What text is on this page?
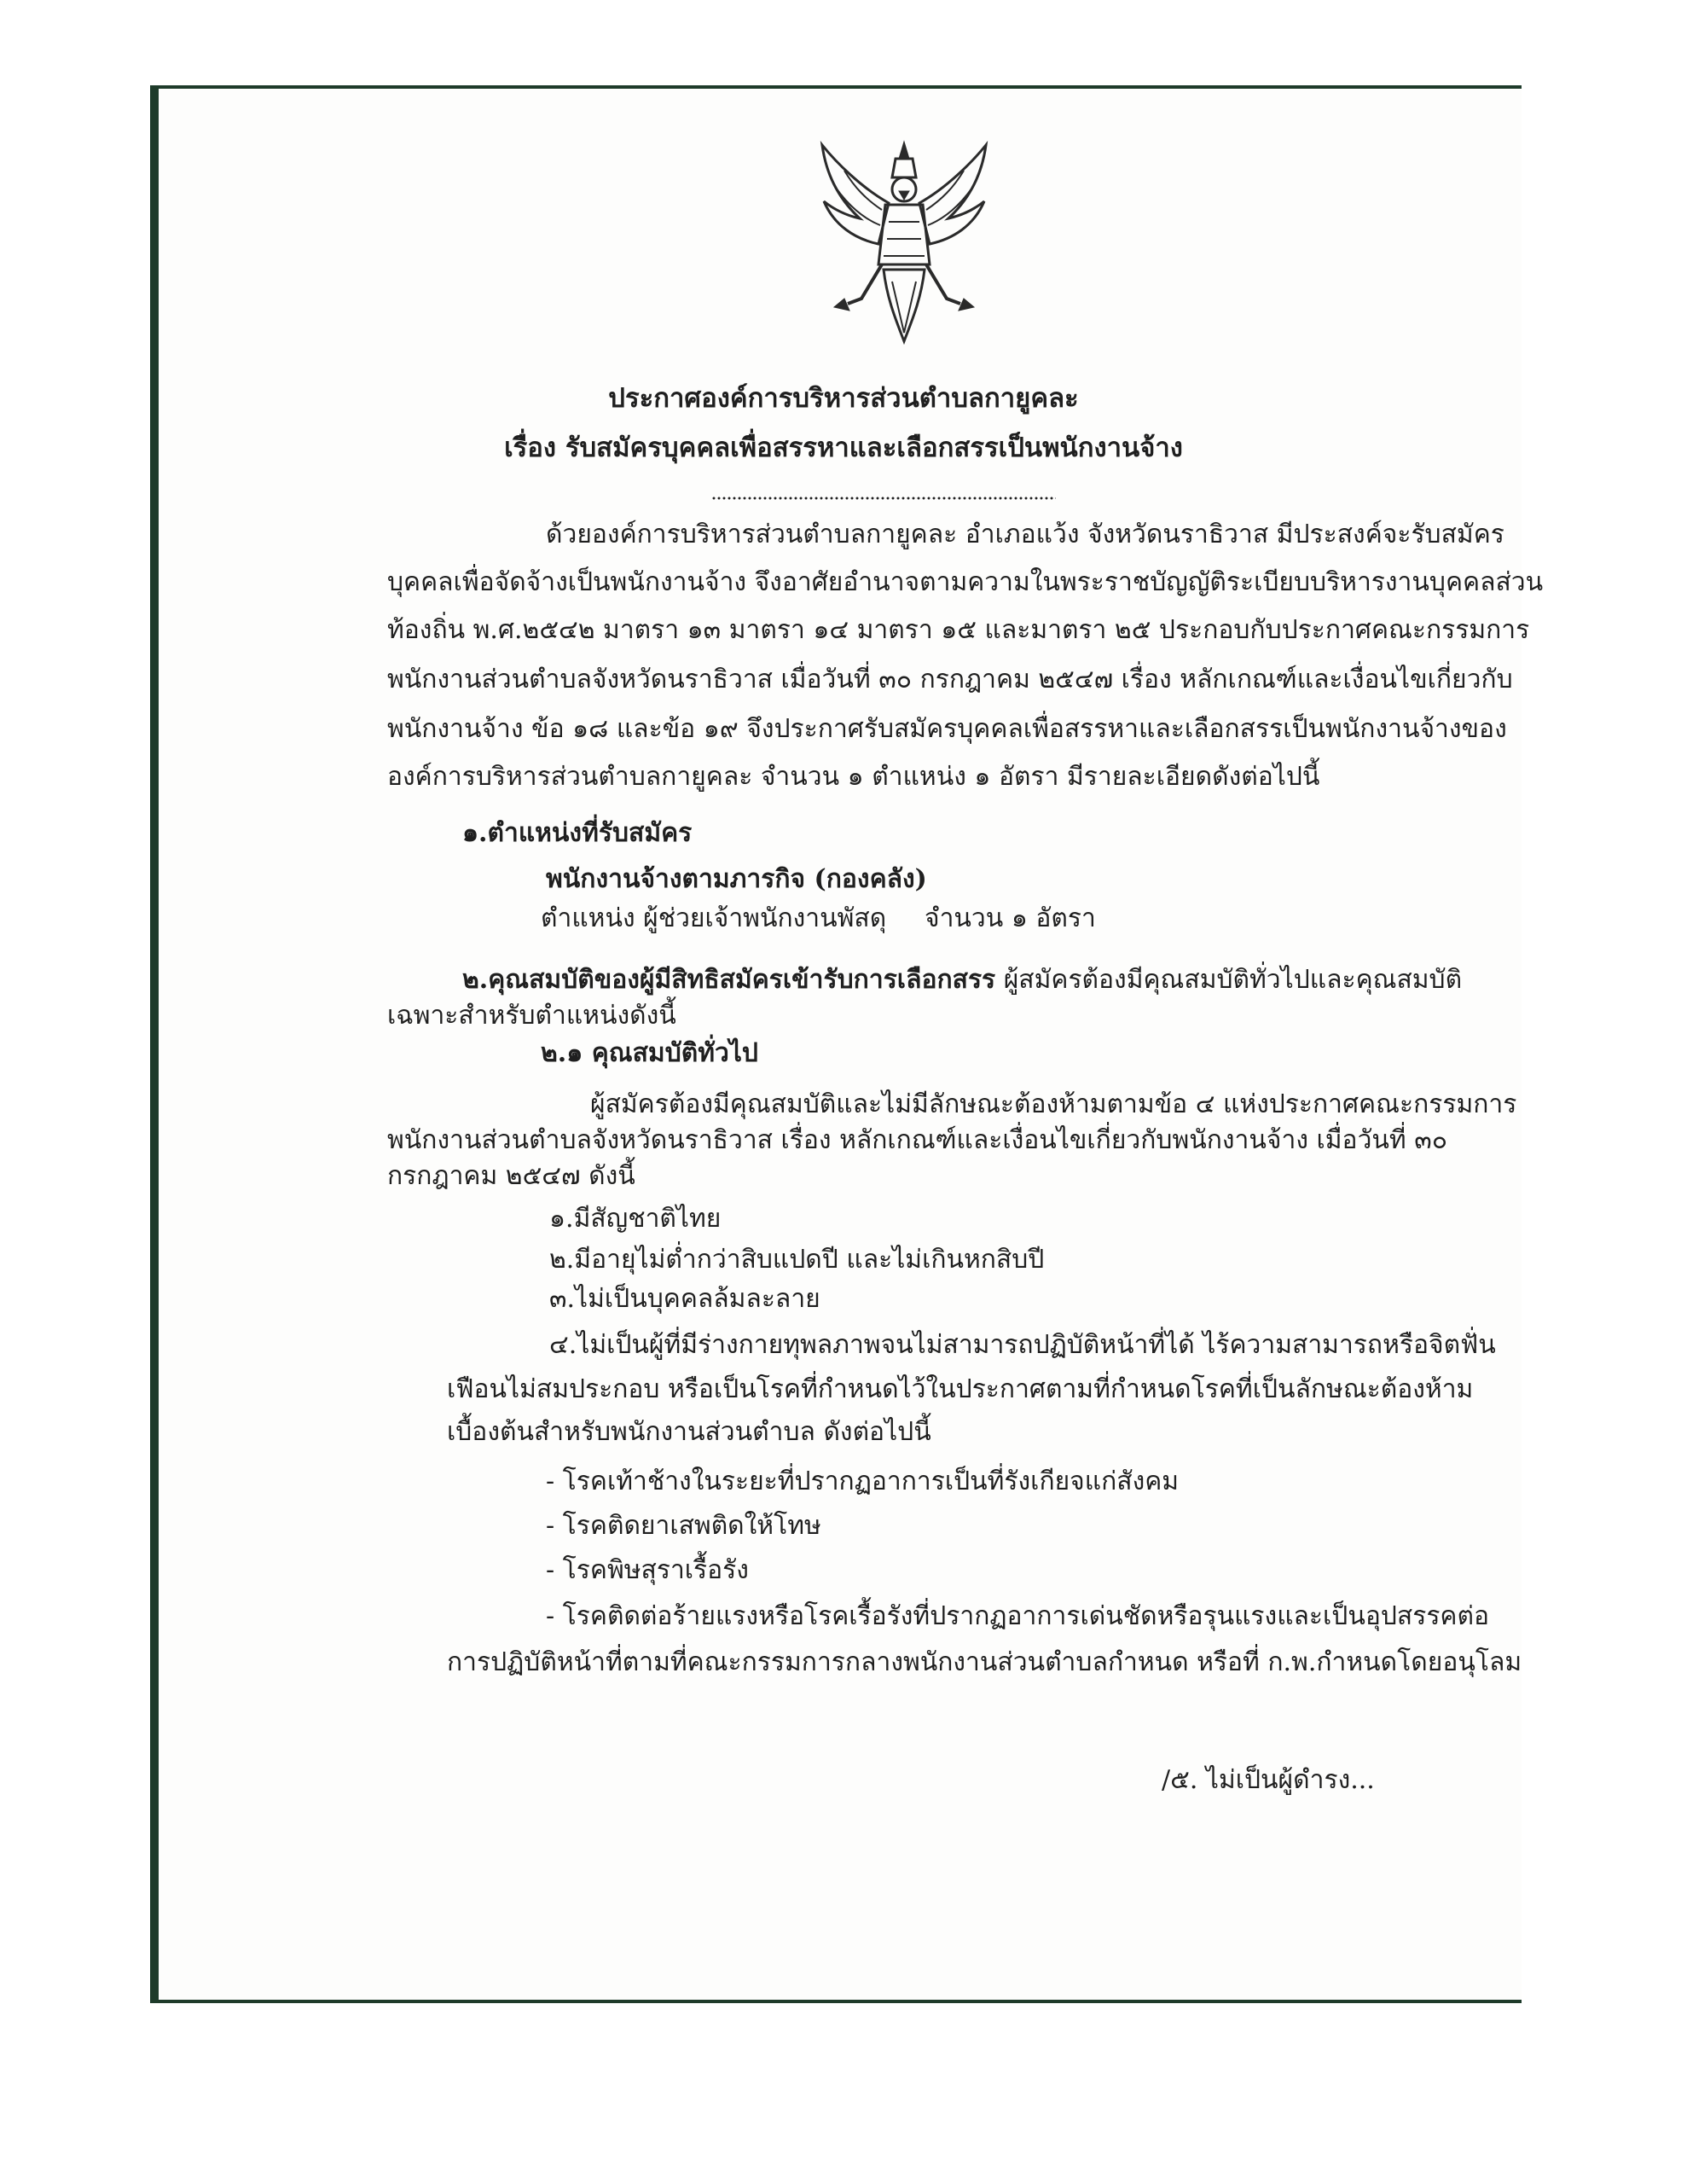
ประกาศองค์การบริหารส่วนตำบลกายูคละ
เรื่อง รับสมัครบุคคลเพื่อสรรหาและเลือกสรรเป็นพนักงานจ้าง
ด้วยองค์การบริหารส่วนตำบลกายูคละ อำเภอแว้ง จังหวัดนราธิวาส มีประสงค์จะรับสมัคร
บุคคลเพื่อจัดจ้างเป็นพนักงานจ้าง จึงอาศัยอำนาจตามความในพระราชบัญญัติระเบียบบริหารงานบุคคลส่วน
ท้องถิ่น พ.ศ.๒๕๔๒ มาตรา ๑๓ มาตรา ๑๔ มาตรา ๑๕ และมาตรา ๒๕ ประกอบกับประกาศคณะกรรมการ
พนักงานส่วนตำบลจังหวัดนราธิวาส เมื่อวันที่ ๓๐ กรกฎาคม ๒๕๔๗ เรื่อง หลักเกณฑ์และเงื่อนไขเกี่ยวกับ
พนักงานจ้าง ข้อ ๑๘ และข้อ ๑๙ จึงประกาศรับสมัครบุคคลเพื่อสรรหาและเลือกสรรเป็นพนักงานจ้างของ
องค์การบริหารส่วนตำบลกายูคละ จำนวน ๑ ตำแหน่ง ๑ อัตรา มีรายละเอียดดังต่อไปนี้
๑.ตำแหน่งที่รับสมัคร
พนักงานจ้างตามภารกิจ (กองคลัง)
ตำแหน่ง ผู้ช่วยเจ้าพนักงานพัสดุ จำนวน ๑ อัตรา
๒.คุณสมบัติของผู้มีสิทธิสมัครเข้ารับการเลือกสรร ผู้สมัครต้องมีคุณสมบัติทั่วไปและคุณสมบัติ
เฉพาะสำหรับตำแหน่งดังนี้
๒.๑ คุณสมบัติทั่วไป
ผู้สมัครต้องมีคุณสมบัติและไม่มีลักษณะต้องห้ามตามข้อ ๔ แห่งประกาศคณะกรรมการ
พนักงานส่วนตำบลจังหวัดนราธิวาส เรื่อง หลักเกณฑ์และเงื่อนไขเกี่ยวกับพนักงานจ้าง เมื่อวันที่ ๓๐
กรกฎาคม ๒๕๔๗ ดังนี้
๑.มีสัญชาติไทย
๒.มีอายุไม่ต่ำกว่าสิบแปดปี และไม่เกินหกสิบปี
๓.ไม่เป็นบุคคลล้มละลาย
๔.ไม่เป็นผู้ที่มีร่างกายทุพลภาพจนไม่สามารถปฏิบัติหน้าที่ได้ ไร้ความสามารถหรือจิตฟั่น
เฟือนไม่สมประกอบ หรือเป็นโรคที่กำหนดไว้ในประกาศตามที่กำหนดโรคที่เป็นลักษณะต้องห้าม
เบื้องต้นสำหรับพนักงานส่วนตำบล ดังต่อไปนี้
- โรคเท้าช้างในระยะที่ปรากฏอาการเป็นที่รังเกียจแก่สังคม
- โรคติดยาเสพติดให้โทษ
- โรคพิษสุราเรื้อรัง
- โรคติดต่อร้ายแรงหรือโรคเรื้อรังที่ปรากฏอาการเด่นชัดหรือรุนแรงและเป็นอุปสรรคต่อ
การปฏิบัติหน้าที่ตามที่คณะกรรมการกลางพนักงานส่วนตำบลกำหนด หรือที่ ก.พ.กำหนดโดยอนุโลม
/๕. ไม่เป็นผู้ดำรง...
